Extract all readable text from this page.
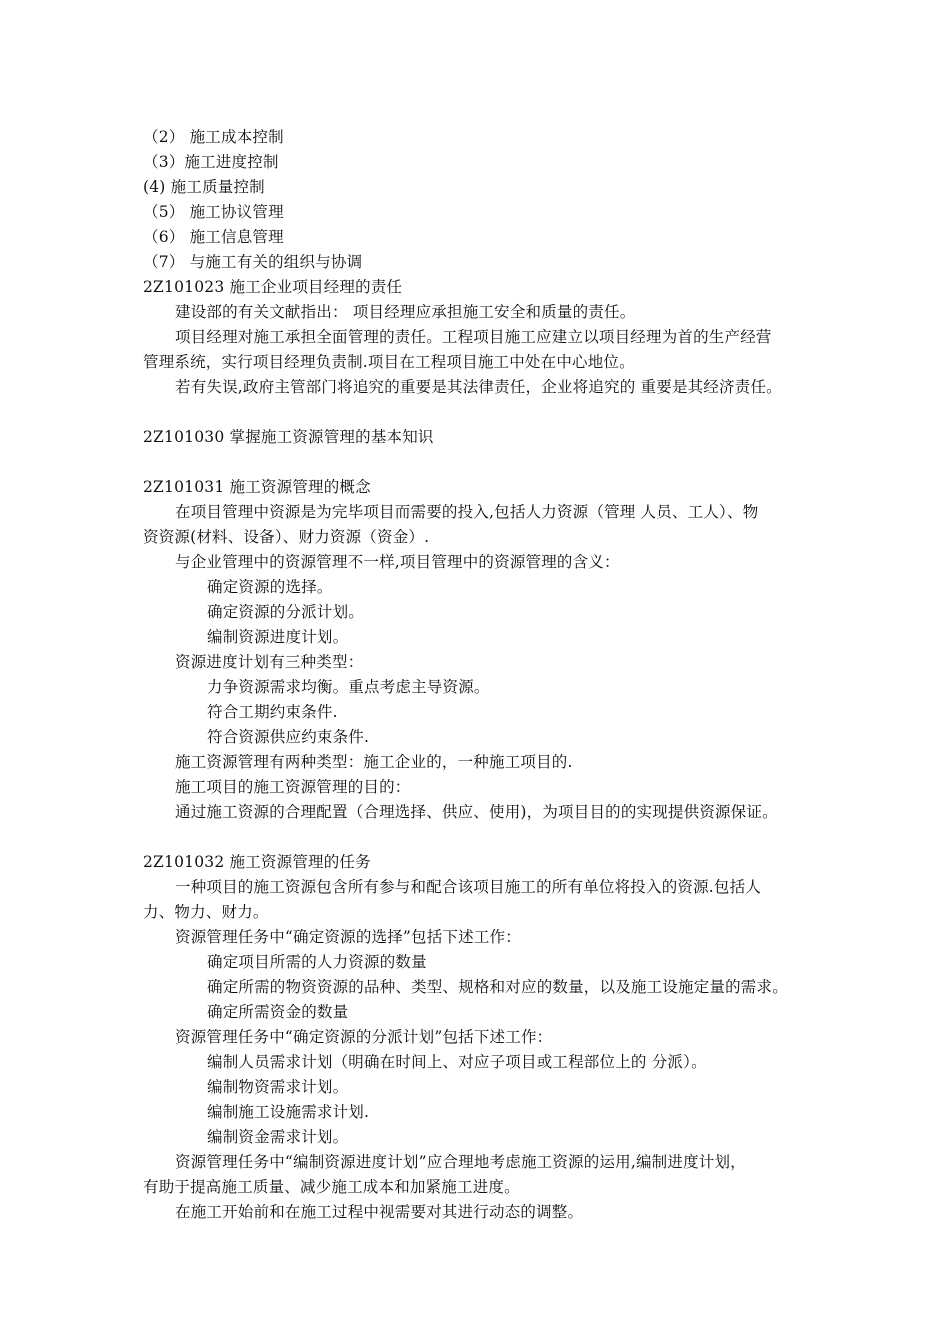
（2） 施工成本控制
（3）施工进度控制
(4) 施工质量控制
（5） 施工协议管理
（6） 施工信息管理
（7） 与施工有关的组织与协调
2Z101023 施工企业项目经理的责任
建设部的有关文献指出： 项目经理应承担施工安全和质量的责任。
项目经理对施工承担全面管理的责任。工程项目施工应建立以项目经理为首的生产经营
管理系统，实行项目经理负责制.项目在工程项目施工中处在中心地位。
若有失误,政府主管部门将追究的重要是其法律责任，企业将追究的 重要是其经济责任。
2Z101030 掌握施工资源管理的基本知识
2Z101031 施工资源管理的概念
在项目管理中资源是为完毕项目而需要的投入,包括人力资源（管理 人员、工人）、物
资资源(材料、设备）、财力资源（资金）.
与企业管理中的资源管理不一样,项目管理中的资源管理的含义：
确定资源的选择。
确定资源的分派计划。
编制资源进度计划。
资源进度计划有三种类型：
力争资源需求均衡。重点考虑主导资源。
符合工期约束条件.
符合资源供应约束条件.
施工资源管理有两种类型：施工企业的，一种施工项目的.
施工项目的施工资源管理的目的：
通过施工资源的合理配置（合理选择、供应、使用)，为项目目的的实现提供资源保证。
2Z101032 施工资源管理的任务
一种项目的施工资源包含所有参与和配合该项目施工的所有单位将投入的资源.包括人
力、物力、财力。
资源管理任务中“确定资源的选择”包括下述工作：
确定项目所需的人力资源的数量
确定所需的物资资源的品种、类型、规格和对应的数量，以及施工设施定量的需求。
确定所需资金的数量
资源管理任务中“确定资源的分派计划”包括下述工作：
编制人员需求计划（明确在时间上、对应子项目或工程部位上的 分派）。
编制物资需求计划。
编制施工设施需求计划.
编制资金需求计划。
资源管理任务中“编制资源进度计划”应合理地考虑施工资源的运用,编制进度计划，
有助于提高施工质量、减少施工成本和加紧施工进度。
在施工开始前和在施工过程中视需要对其进行动态的调整。
